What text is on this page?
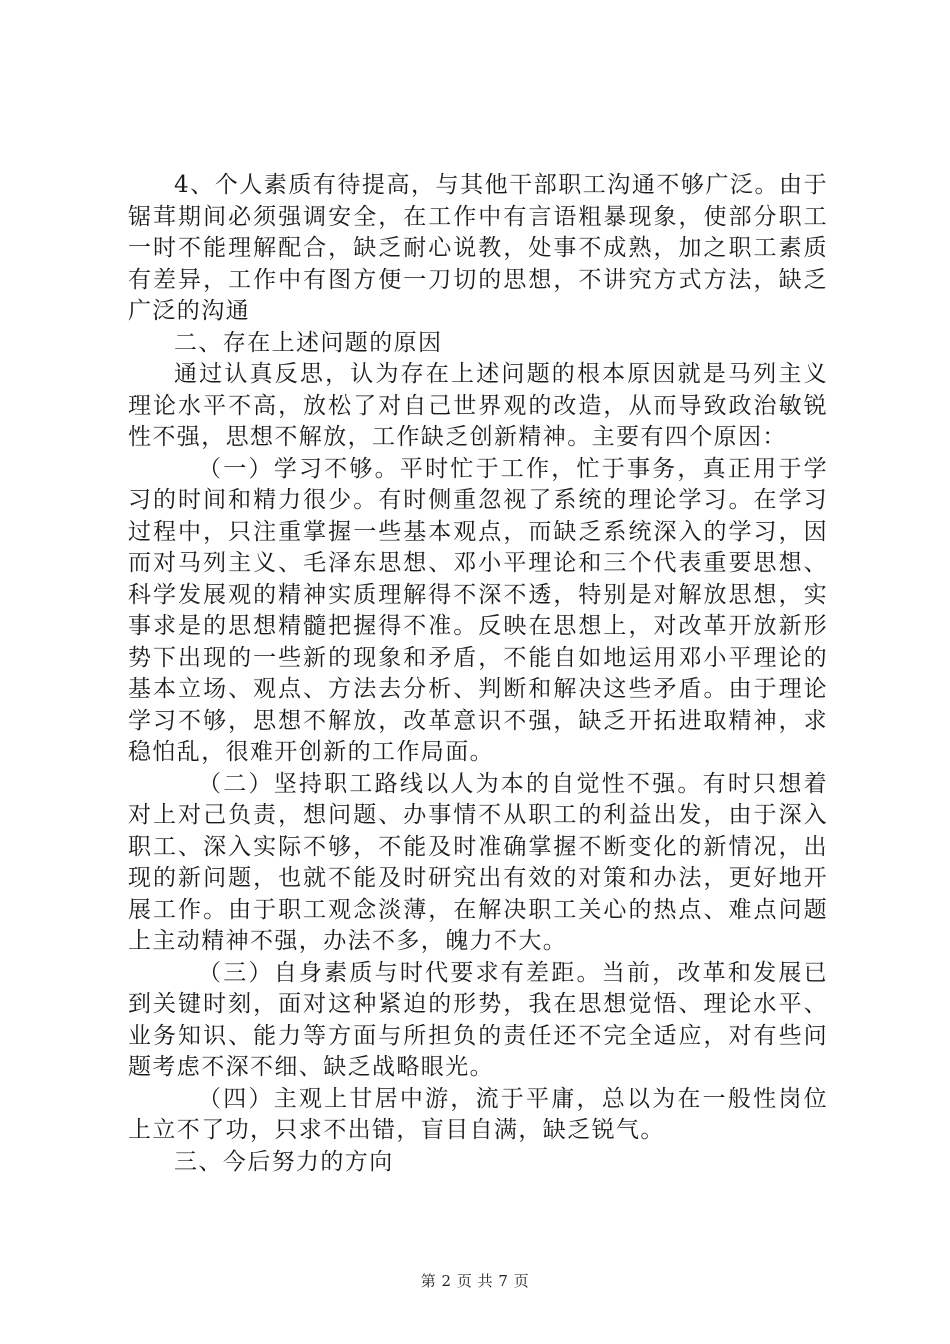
4、个人素质有待提高，与其他干部职工沟通不够广泛。由于锯茸期间必须强调安全，在工作中有言语粗暴现象，使部分职工一时不能理解配合，缺乏耐心说教，处事不成熟，加之职工素质有差异，工作中有图方便一刀切的思想，不讲究方式方法，缺乏广泛的沟通

二、存在上述问题的原因

通过认真反思，认为存在上述问题的根本原因就是马列主义理论水平不高，放松了对自己世界观的改造，从而导致政治敏锐性不强，思想不解放，工作缺乏创新精神。主要有四个原因：

（一）学习不够。平时忙于工作，忙于事务，真正用于学习的时间和精力很少。有时侧重忽视了系统的理论学习。在学习过程中，只注重掌握一些基本观点，而缺乏系统深入的学习，因而对马列主义、毛泽东思想、邓小平理论和三个代表重要思想、科学发展观的精神实质理解得不深不透，特别是对解放思想，实事求是的思想精髓把握得不准。反映在思想上，对改革开放新形势下出现的一些新的现象和矛盾，不能自如地运用邓小平理论的基本立场、观点、方法去分析、判断和解决这些矛盾。由于理论学习不够，思想不解放，改革意识不强，缺乏开拓进取精神，求稳怕乱，很难开创新的工作局面。

（二）坚持职工路线以人为本的自觉性不强。有时只想着对上对己负责，想问题、办事情不从职工的利益出发，由于深入职工、深入实际不够，不能及时准确掌握不断变化的新情况，出现的新问题，也就不能及时研究出有效的对策和办法，更好地开展工作。由于职工观念淡薄，在解决职工关心的热点、难点问题上主动精神不强，办法不多，魄力不大。

（三）自身素质与时代要求有差距。当前，改革和发展已到关键时刻，面对这种紧迫的形势，我在思想觉悟、理论水平、业务知识、能力等方面与所担负的责任还不完全适应，对有些问题考虑不深不细、缺乏战略眼光。

（四）主观上甘居中游，流于平庸，总以为在一般性岗位上立不了功，只求不出错，盲目自满，缺乏锐气。

三、今后努力的方向

第 2 页 共 7 页
